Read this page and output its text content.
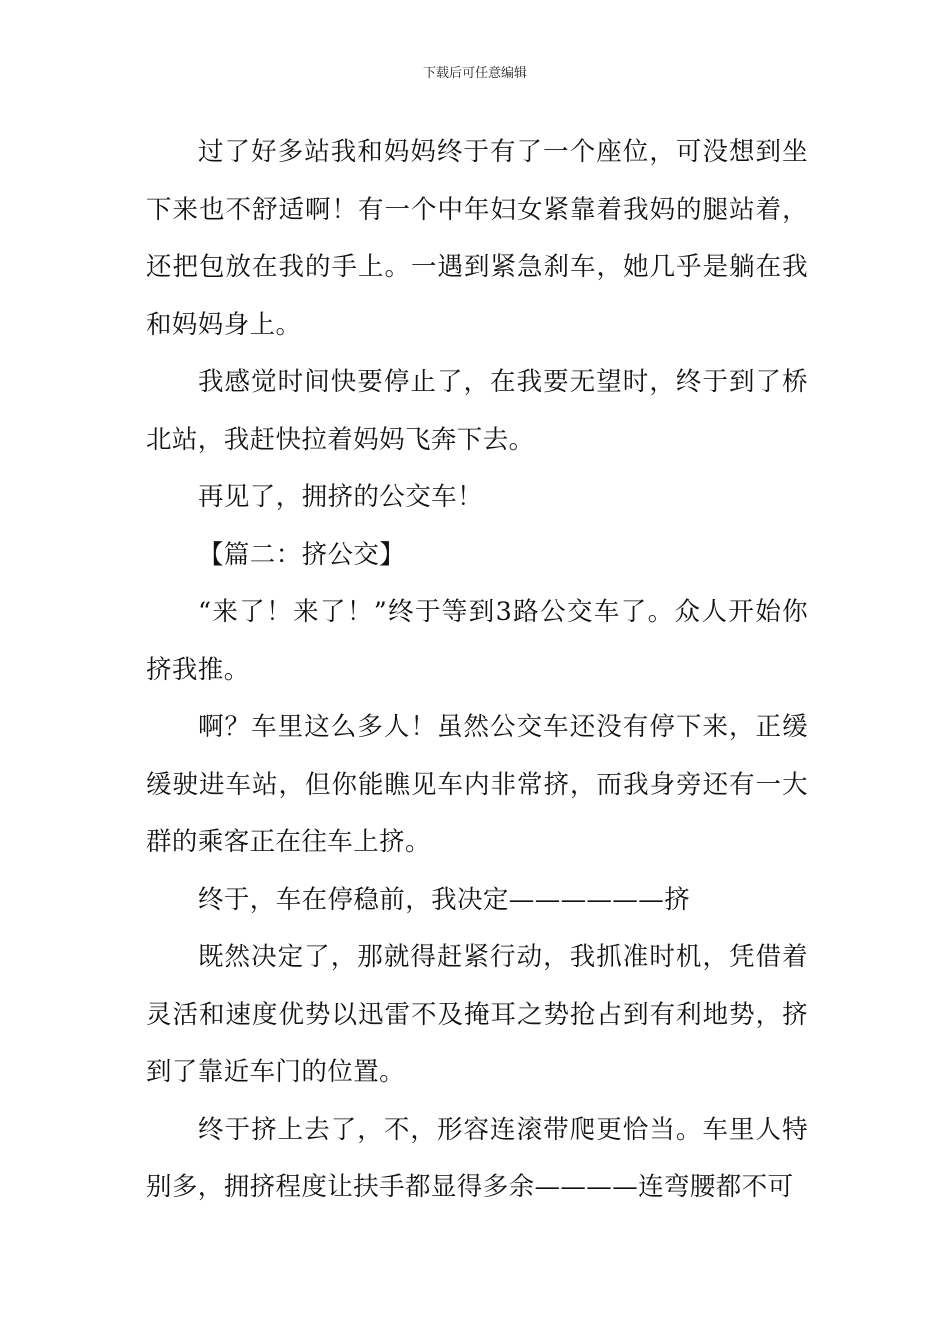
下载后可任意编辑

过了好多站我和妈妈终于有了一个座位，可没想到坐下来也不舒适啊！有一个中年妇女紧靠着我妈的腿站着，还把包放在我的手上。一遇到紧急刹车，她几乎是躺在我和妈妈身上。

我感觉时间快要停止了，在我要无望时，终于到了桥北站，我赶快拉着妈妈飞奔下去。

再见了，拥挤的公交车！

【篇二：挤公交】

“来了！来了！”终于等到3路公交车了。众人开始你挤我推。

啊？车里这么多人！虽然公交车还没有停下来，正缓缓驶进车站，但你能瞧见车内非常挤，而我身旁还有一大群的乘客正在往车上挤。

终于，车在停稳前，我决定——————挤

既然决定了，那就得赶紧行动，我抓准时机，凭借着灵活和速度优势以迅雷不及掩耳之势抢占到有利地势，挤到了靠近车门的位置。

终于挤上去了，不，形容连滚带爬更恰当。车里人特别多，拥挤程度让扶手都显得多余————连弯腰都不可
